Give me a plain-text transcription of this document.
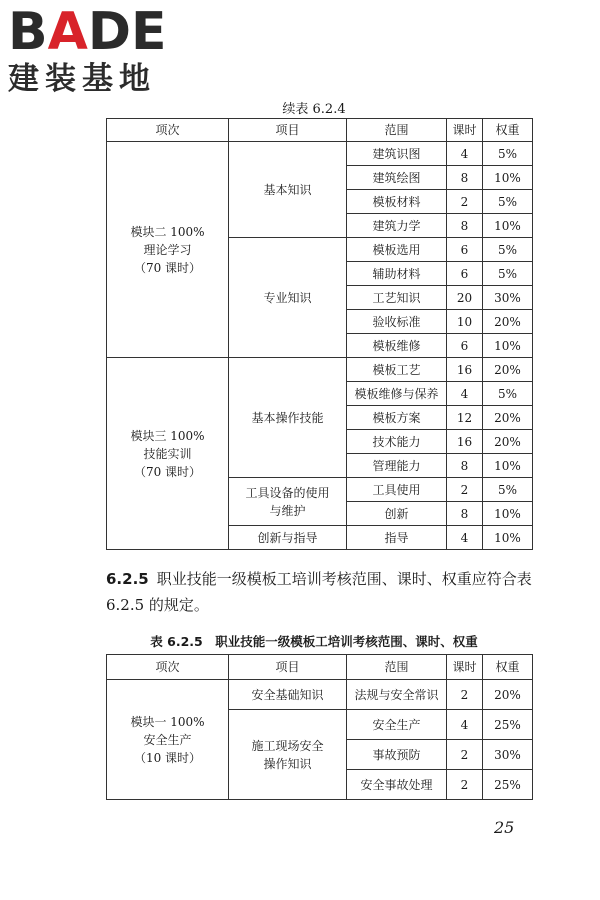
BADE
建装基地
续表 6.2.4
项次	项目	范围	课时	权重

模块二 100%
理论学习
（70 课时）	基本知识	建筑识图	4	5%
		建筑绘图	8	10%
		模板材料	2	5%
		建筑力学	8	10%
	专业知识	模板选用	6	5%
		辅助材料	6	5%
		工艺知识	20	30%
		验收标准	10	20%
		模板维修	6	10%

模块三 100%
技能实训
（70 课时）	基本操作技能	模板工艺	16	20%
		模板维修与保养	4	5%
		模板方案	12	20%
		技术能力	16	20%
		管理能力	8	10%

	工具设备的使用
与维护	工具使用	2	5%
		创新	8	10%
	创新与指导	指导	4	10%
6.2.5 职业技能一级模板工培训考核范围、课时、权重应符合表 6.2.5 的规定。
表 6.2.5　职业技能一级模板工培训考核范围、课时、权重
项次	项目	范围	课时	权重

模块一 100%
安全生产
（10 课时）	安全基础知识	法规与安全常识	2	20%

	施工现场安全
操作知识	安全生产	4	25%
		事故预防	2	30%
		安全事故处理	2	25%
25
